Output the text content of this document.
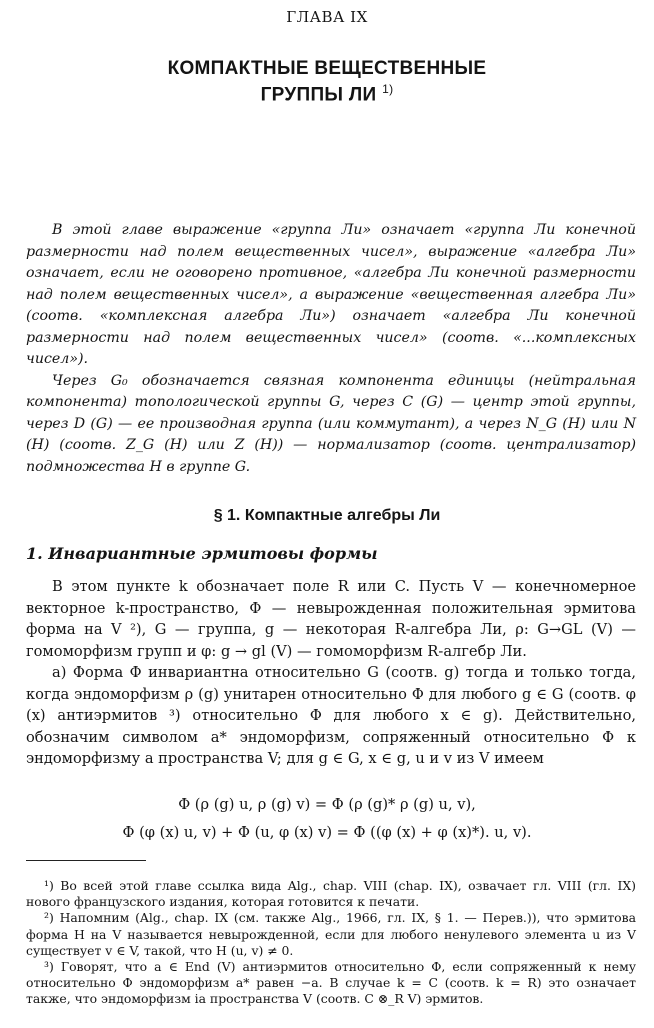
ГЛАВА IX
КОМПАКТНЫЕ ВЕЩЕСТВЕННЫЕ
ГРУППЫ ЛИ $^{1)}$

В этой главе выражение «группа Ли» означает «группа Ли конечной размерности над полем вещественных чисел», выражение «алгебра Ли» означает, если не оговорено противное, «алгебра Ли конечной размерности над полем вещественных чисел», а выражение «вещественная алгебра Ли» (соотв. «комплексная алгебра Ли») означает «алгебра Ли конечной размерности над полем вещественных чисел» (соотв. «...комплексных чисел»).

Через G₀ обозначается связная компонента единицы (нейтральная компонента) топологической группы G, через C (G) — центр этой группы, через D (G) — ее производная группа (или коммутант), а через N_G (H) или N (H) (соотв. Z_G (H) или Z (H)) — нормализатор (соотв. централизатор) подмножества H в группе G.

§ 1. Компактные алгебры Ли
1. Инвариантные эрмитовы формы

В этом пункте k обозначает поле R или C. Пусть V — конечномерное векторное k-пространство, Φ — невырожденная положительная эрмитова форма на V ²), G — группа, g — некоторая R-алгебра Ли, ρ: G→GL (V) — гомоморфизм групп и φ: g → gl (V) — гомоморфизм R-алгебр Ли.

а) Форма Φ инвариантна относительно G (соотв. g) тогда и только тогда, когда эндоморфизм ρ (g) унитарен относительно Φ для любого g ∈ G (соотв. φ (x) антиэрмитов ³) относительно Φ для любого x ∈ g). Действительно, обозначим символом a* эндоморфизм, сопряженный относительно Φ к эндоморфизму a пространства V; для g ∈ G, x ∈ g, u и v из V имеем

Φ (ρ (g) u, ρ (g) v) = Φ (ρ (g)* ρ (g) u, v),
Φ (φ (x) u, v) + Φ (u, φ (x) v) = Φ ((φ (x) + φ (x)*). u, v).

¹) Во всей этой главе ссылка вида Alg., chap. VIII (chap. IX), озвачает гл. VIII (гл. IX) нового французского издания, которая готовится к печати.

²) Напомним (Alg., chap. IX (см. также Alg., 1966, гл. IX, § 1. — Перев.)), что эрмитова форма H на V называется невырожденной, если для любого ненулевого элемента u из V существует v ∈ V, такой, что H (u, v) ≠ 0.

³) Говорят, что a ∈ End (V) антиэрмитов относительно Φ, если сопряженный к нему относительно Φ эндоморфизм a* равен −a. В случае k = C (соотв. k = R) это означает также, что эндоморфизм ia пространства V (соотв. C ⊗_R V) эрмитов.
